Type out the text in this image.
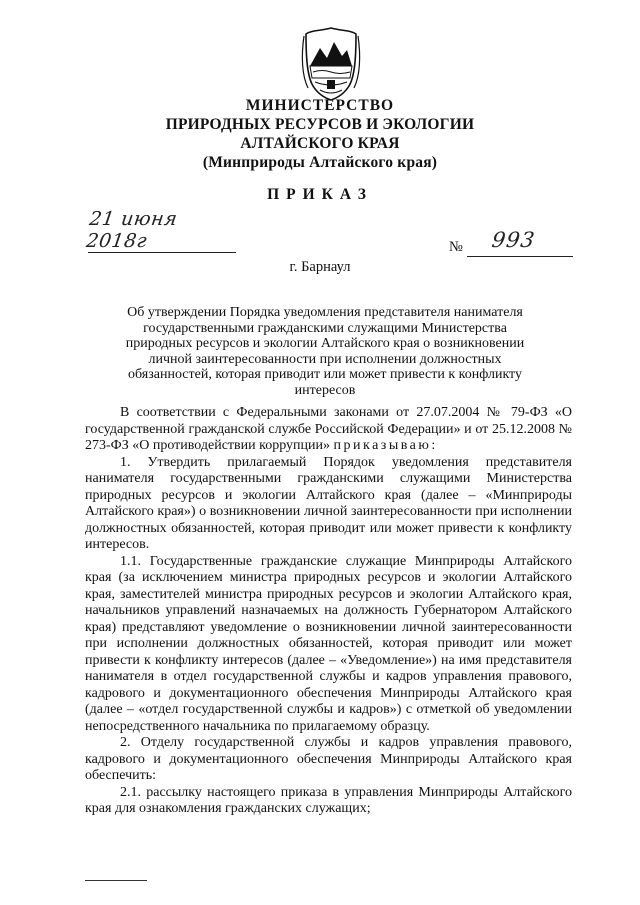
МИНИСТЕРСТВО
ПРИРОДНЫХ РЕСУРСОВ И ЭКОЛОГИИ
АЛТАЙСКОГО КРАЯ
(Минприроды Алтайского края)
ПРИКАЗ
21 июня 2018г	№ 993
г. Барнаул
Об утверждении Порядка уведомления представителя нанимателя государственными гражданскими служащими Министерства природных ресурсов и экологии Алтайского края о возникновении личной заинтересованности при исполнении должностных обязанностей, которая приводит или может привести к конфликту интересов

В соответствии с Федеральными законами от 27.07.2004 № 79-ФЗ «О государственной гражданской службе Российской Федерации» и от 25.12.2008 № 273-ФЗ «О противодействии коррупции» приказываю:

1. Утвердить прилагаемый Порядок уведомления представителя нанимателя государственными гражданскими служащими Министерства природных ресурсов и экологии Алтайского края (далее – «Минприроды Алтайского края») о возникновении личной заинтересованности при исполнении должностных обязанностей, которая приводит или может привести к конфликту интересов.

1.1. Государственные гражданские служащие Минприроды Алтайского края (за исключением министра природных ресурсов и экологии Алтайского края, заместителей министра природных ресурсов и экологии Алтайского края, начальников управлений назначаемых на должность Губернатором Алтайского края) представляют уведомление о возникновении личной заинтересованности при исполнении должностных обязанностей, которая приводит или может привести к конфликту интересов (далее – «Уведомление») на имя представителя нанимателя в отдел государственной службы и кадров управления правового, кадрового и документационного обеспечения Минприроды Алтайского края (далее – «отдел государственной службы и кадров») с отметкой об уведомлении непосредственного начальника по прилагаемому образцу.

2. Отделу государственной службы и кадров управления правового, кадрового и документационного обеспечения Минприроды Алтайского края обеспечить:

2.1. рассылку настоящего приказа в управления Минприроды Алтайского края для ознакомления гражданских служащих;
